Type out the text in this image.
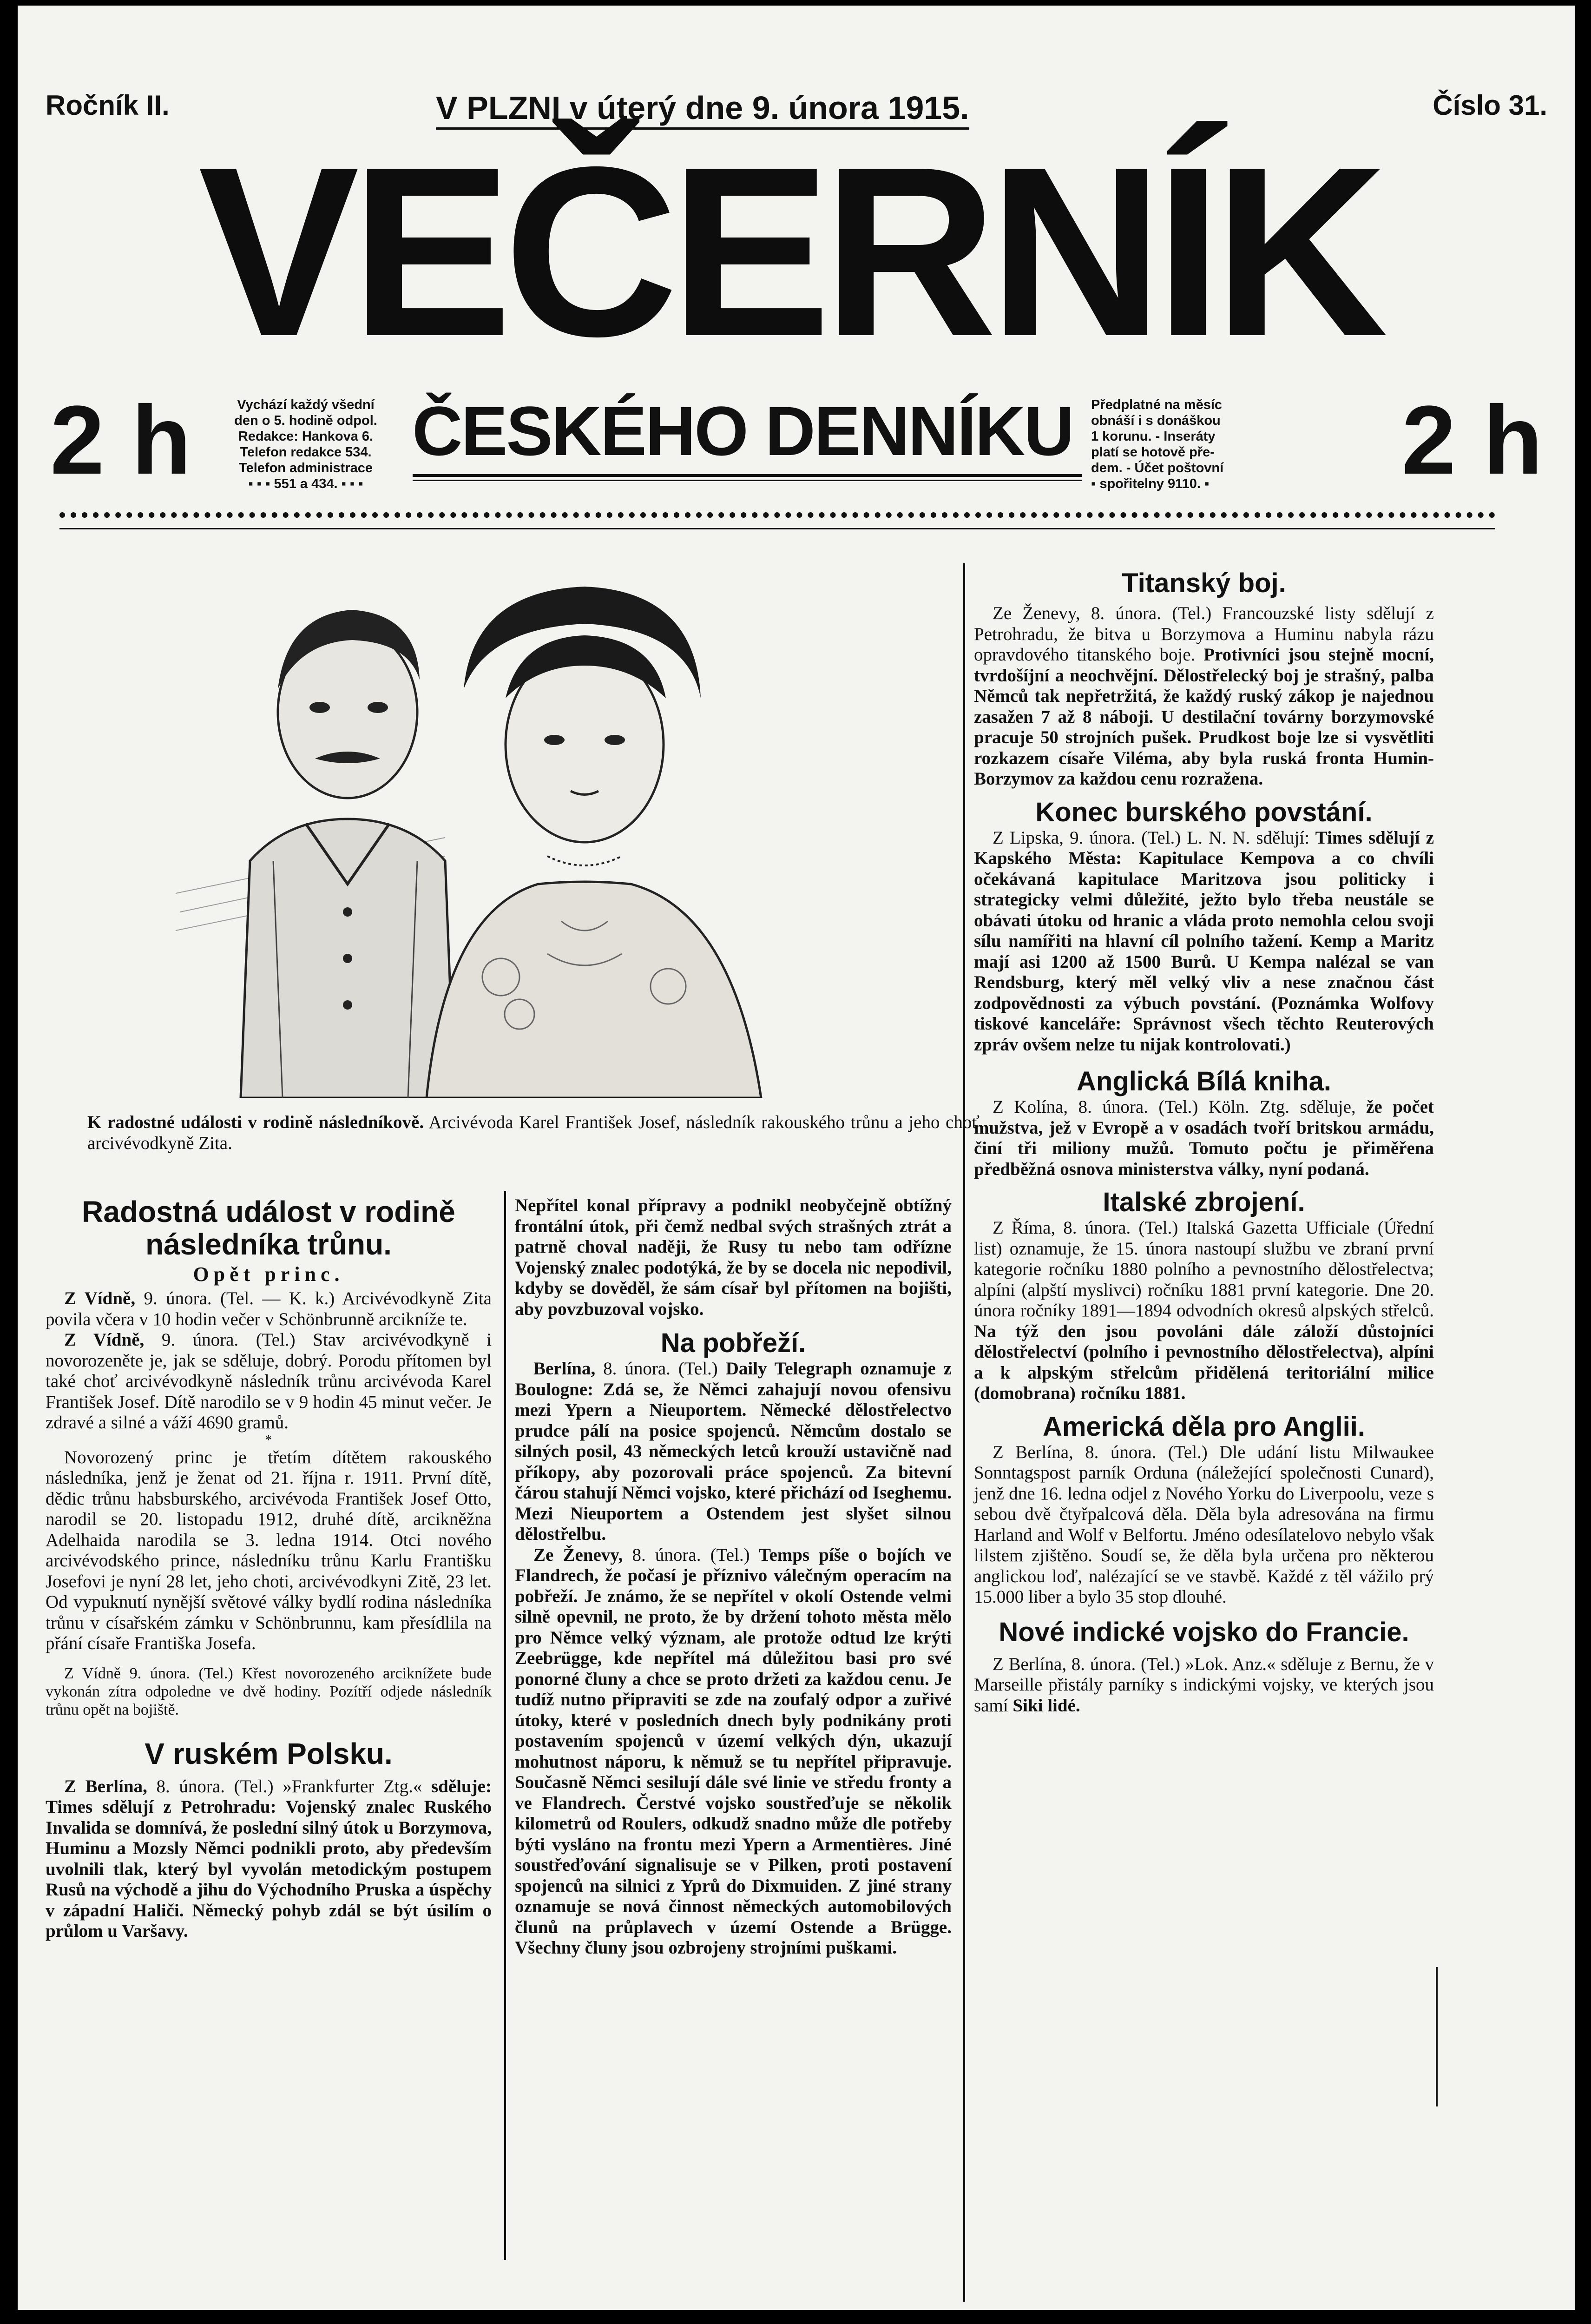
Ročník II.	V PLZNI v úterý dne 9. února 1915.	Číslo 31.
VEČERNÍK
2 h	Vychází každý všední
den o 5. hodině odpol.
Redakce: Hankova 6.
Telefon redakce 534.
Telefon administrace
▪ ▪ ▪ 551 a 434. ▪ ▪ ▪
ČESKÉHO DENNÍKU	Předplatné na měsíc
obnáší i s donáškou
1 korunu. - Inseráty
platí se hotově pře-
dem. - Účet poštovní
▪ spořitelny 9110. ▪	2 h
K radostné události v rodině následníkově. Arcivévoda Karel František Josef, následník rakouského trůnu a jeho choť arcivévodkyně Zita.
Radostná událost v rodině následníka trůnu.
Opět princ.

Z Vídně, 9. února. (Tel. — K. k.) Arcivévodkyně Zita povila včera v 10 hodin večer v Schönbrunně arcikníže te.

Z Vídně, 9. února. (Tel.) Stav arcivévodkyně i novorozeněte je, jak se sděluje, dobrý. Porodu přítomen byl také choť arcivévodkyně následník trůnu arcivévoda Karel František Josef. Dítě narodilo se v 9 hodin 45 minut večer. Je zdravé a silné a váží 4690 gramů.

*

Novorozený princ je třetím dítětem rakouského následníka, jenž je ženat od 21. října r. 1911. První dítě, dědic trůnu habsburského, arcivévoda František Josef Otto, narodil se 20. listopadu 1912, druhé dítě, arcikněžna Adelhaida narodila se 3. ledna 1914. Otci nového arcivévodského prince, následníku trůnu Karlu Františku Josefovi je nyní 28 let, jeho choti, arcivévodkyni Zitě, 23 let. Od vypuknutí nynější světové války bydlí rodina následníka trůnu v císařském zámku v Schönbrunnu, kam přesídlila na přání císaře Františka Josefa.

Z Vídně 9. února. (Tel.) Křest novorozeného arciknížete bude vykonán zítra odpoledne ve dvě hodiny. Pozítří odjede následník trůnu opět na bojiště.

V ruském Polsku.

Z Berlína, 8. února. (Tel.) »Frankfurter Ztg.« sděluje: Times sdělují z Petrohradu: Vojenský znalec Ruského Invalida se domnívá, že poslední silný útok u Borzymova, Huminu a Mozsly Němci podnikli proto, aby především uvolnili tlak, který byl vyvolán metodickým postupem Rusů na východě a jihu do Východního Pruska a úspěchy v západní Haliči. Německý pohyb zdál se být úsilím o průlom u Varšavy.

Nepřítel konal přípravy a podnikl neobyčejně obtížný frontální útok, při čemž nedbal svých strašných ztrát a patrně choval naději, že Rusy tu nebo tam odříznе Vojenský znalec podotýká, že by se docela nic nepodivil, kdyby se dověděl, že sám císař byl přítomen na bojišti, aby povzbuzoval vojsko.

Na pobřeží.

Berlína, 8. února. (Tel.) Daily Telegraph oznamuje z Boulogne: Zdá se, že Němci zahajují novou ofensivu mezi Ypern a Nieuportem. Německé dělostřelectvo prudce pálí na posice spojenců. Němcům dostalo se silných posil, 43 německých letců krouží ustavičně nad příkopy, aby pozorovali práce spojenců. Za bitevní čárou stahují Němci vojsko, které přichází od Iseghemu. Mezi Nieuportem a Ostendem jest slyšet silnou dělostřelbu.

Ze Ženevy, 8. února. (Tel.) Temps píše o bojích ve Flandrech, že počasí je příznivo válečným operacím na pobřeží. Je známo, že se nepřítel v okolí Ostende velmi silně opevnil, ne proto, že by držení tohoto města mělo pro Němce velký význam, ale protože odtud lze krýti Zeebrügge, kde nepřítel má důležitou basi pro své ponorné čluny a chce se proto držeti za každou cenu. Je tudíž nutno připraviti se zde na zoufalý odpor a zuřivé útoky, které v posledních dnech byly podnikány proti postavením spojenců v území velkých dýn, ukazují mohutnost náporu, k němuž se tu nepřítel připravuje. Současně Němci sesilují dále své linie ve středu fronty a ve Flandrech. Čerstvé vojsko soustřeďuje se několik kilometrů od Roulers, odkudž snadno může dle potřeby býti vysláno na frontu mezi Ypern a Armentières. Jiné soustřeďování signalisuje se v Pilken, proti postavení spojenců na silnici z Yprů do Dixmuiden. Z jiné strany oznamuje se nová činnost německých automobilových člunů na průplavech v území Ostende a Brügge. Všechny čluny jsou ozbrojeny strojními puškami.

Titanský boj.

Ze Ženevy, 8. února. (Tel.) Francouzské listy sdělují z Petrohradu, že bitva u Borzymova a Huminu nabyla rázu opravdového titanského boje. Protivníci jsou stejně mocní, tvrdošíjní a neochvějní. Dělostřelecký boj je strašný, palba Němců tak nepřetržitá, že každý ruský zákop je najednou zasažen 7 až 8 náboji. U destilační továrny borzymovské pracuje 50 strojních pušek. Prudkost boje lze si vysvětliti rozkazem císaře Viléma, aby byla ruská fronta Humin-Borzymov za každou cenu rozražena.

Konec burského povstání.

Z Lipska, 9. února. (Tel.) L. N. N. sdělují: Times sdělují z Kapského Města: Kapitulace Kempova a co chvíli očekávaná kapitulace Maritzova jsou politicky i strategicky velmi důležité, ježto bylo třeba neustále se obávati útoku od hranic a vláda proto nemohla celou svoji sílu namířiti na hlavní cíl polního tažení. Kemp a Maritz mají asi 1200 až 1500 Burů. U Kempa nalézal se van Rendsburg, který měl velký vliv a nese značnou část zodpovědnosti za výbuch povstání. (Poznámka Wolfovy tiskové kanceláře: Správnost všech těchto Reuterových zpráv ovšem nelze tu nijak kontrolovati.)

Anglická Bílá kniha.

Z Kolína, 8. února. (Tel.) Köln. Ztg. sděluje, že počet mužstva, jež v Evropě a v osadách tvoří britskou armádu, činí tři miliony mužů. Tomuto počtu je přiměřena předběžná osnova ministerstva války, nyní podaná.

Italské zbrojení.

Z Říma, 8. února. (Tel.) Italská Gazetta Ufficiale (Úřední list) oznamuje, že 15. února nastoupí službu ve zbraní první kategorie ročníku 1880 polního a pevnostního dělostřelectva; alpíni (alpští myslivci) ročníku 1881 první kategorie. Dne 20. února ročníky 1891—1894 odvodních okresů alpských střelců. Na týž den jsou povoláni dále záloží důstojníci dělostřelectví (polního i pevnostního dělostřelectva), alpíni a k alpským střelcům přidělená teritoriální milice (domobrana) ročníku 1881.

Americká děla pro Anglii.

Z Berlína, 8. února. (Tel.) Dle udání listu Milwaukee Sonntagspost parník Orduna (náležející společnosti Cunard), jenž dne 16. ledna odjel z Nového Yorku do Liverpoolu, veze s sebou dvě čtyřpalcová děla. Děla byla adresována na firmu Harland and Wolf v Belfortu. Jméno odesílatelovo nebylo však lilstem zjištěno. Soudí se, že děla byla určena pro některou anglickou loď, nalézající se ve stavbě. Každé z těl vážilo prý 15.000 liber a bylo 35 stop dlouhé.

Nové indické vojsko do Francie.

Z Berlína, 8. února. (Tel.) »Lok. Anz.« sděluje z Bernu, že v Marseille přistály parníky s indickými vojsky, ve kterých jsou samí Siki lidé.
